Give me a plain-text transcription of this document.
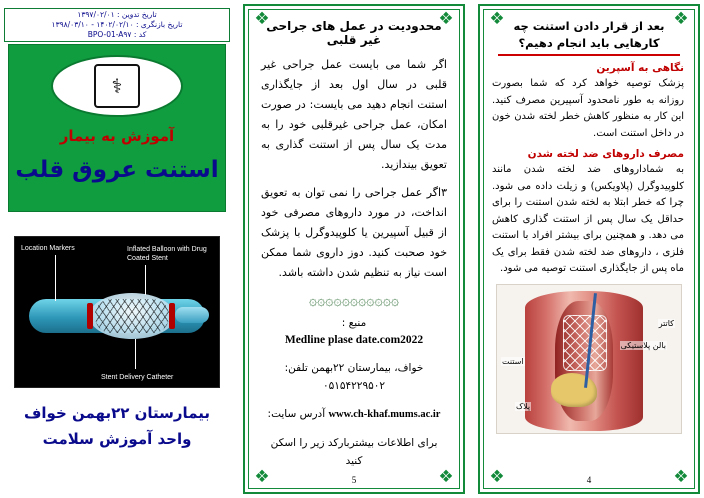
❖	❖
❖	❖
بعد از قرار دادن استنت چه کارهایی باید انجام دهیم؟
نگاهی به آسپرین
پزشک توصیه خواهد کرد که شما بصورت روزانه به طور نامحدود آسپیرین مصرف کنید. این کار به منظور کاهش خطر لخته شدن خون در داخل استنت است.
مصرف داروهای ضد لخته شدن
به شماداروهای ضد لخته شدن مانند کلوپیدوگرل (پلاویکس) و زیلت داده می شود. چرا که خطر ابتلا به لخته شدن استنت را برای حداقل یک سال پس از استنت گذاری کاهش می دهد. و همچنین برای بیشتر افراد با استنت فلزی ، داروهای ضد لخته شدن فقط برای یک ماه پس از جایگذاری استنت توصیه می شود.
کاتتر
بالن پلاستیکی
استنت
پلاک
4
❖	❖
❖	❖
محدودیت در عمل های جراحی غیر قلبی
اگر شما می بایست عمل جراحی غیر قلبی در سال اول بعد از جایگذاری استنت انجام دهید می بایست: در صورت امکان، عمل جراحی غیرقلبی خود را به مدت یک سال پس از استنت گذاری به تعویق بیندازید.
۳اگر عمل جراحی را نمی توان به تعویق انداخت، در مورد داروهای مصرفی خود از قبیل آسپیرین یا کلوپیدوگرل با پزشک خود صحبت کنید. دوز داروی شما ممکن است نیاز به تنظیم شدن داشته باشد.
۞۞۞۞۞۞۞۞۞۞۞
منبع :
Medline plase date.com2022
خواف، بیمارستان ۲۲بهمن تلفن: ۰۵۱۵۴۲۲۹۵۰۲
www.ch-khaf.mums.ac.ir آدرس سایت:
برای اطلاعات بیشتربارکد زیر را اسکن کنید
5
تاریخ تدوین : ۱۳۹۷/۰۲/۰۱
تاریخ بازنگری : ۱۴۰۲/۰۲/۱۰ - ۱۳۹۸/۰۳/۱۰
کد : BPO-01-A۹۷
⚕
آموزش به بیمار
استنت عروق قلب
Location Markers	Inflated Balloon with Drug Coated Stent
Stent Delivery Catheter
بیمارستان ۲۲بهمن خواف
واحد آموزش سلامت
